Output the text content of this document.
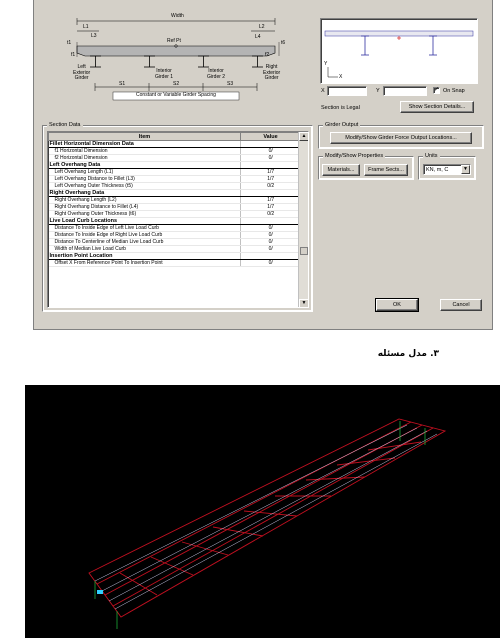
Width
L1	L2
L3	L4
Ref Pt
t1	t6
f1	f2
Left
Exterior
Girder
Interior
Girder 1
Interior
Girder 2
Right
Exterior
Girder
S1	S2	S3
Constant or Variable Girder Spacing
Y
X
X	Y	✓ On Snap
Section is Legal	Show Section Details...
Section Data
Item	Value
Fillet Horizontal Dimension Data	
f1 Horizontal Dimension	0/
f2 Horizontal Dimension	0/
Left Overhang Data	
Left Overhang Length (L1)	1/7
Left Overhang Distance to Fillet (L3)	1/7
Left Overhang Outer Thickness (t5)	0/2
Right Overhang Data	
Right Overhang Length (L2)	1/7
Right Overhang Distance to Fillet (L4)	1/7
Right Overhang Outer Thickness (t6)	0/2
Live Load Curb Locations	
Distance To Inside Edge of Left Live Load Curb	0/
Distance To Inside Edge of Right Live Load Curb	0/
Distance To Centerline of Median Live Load Curb	0/
Width of Median Live Load Curb	0/
Insertion Point Location	
Offset X From Reference Point To Insertion Point	0/
▲
▼
Girder Output
Modify/Show Girder Force Output Locations...
Modify/Show Properties
Materials...	Frame Sects...
Units
KN, m, C	▼
OK	Cancel
۳. مدل مسئله
